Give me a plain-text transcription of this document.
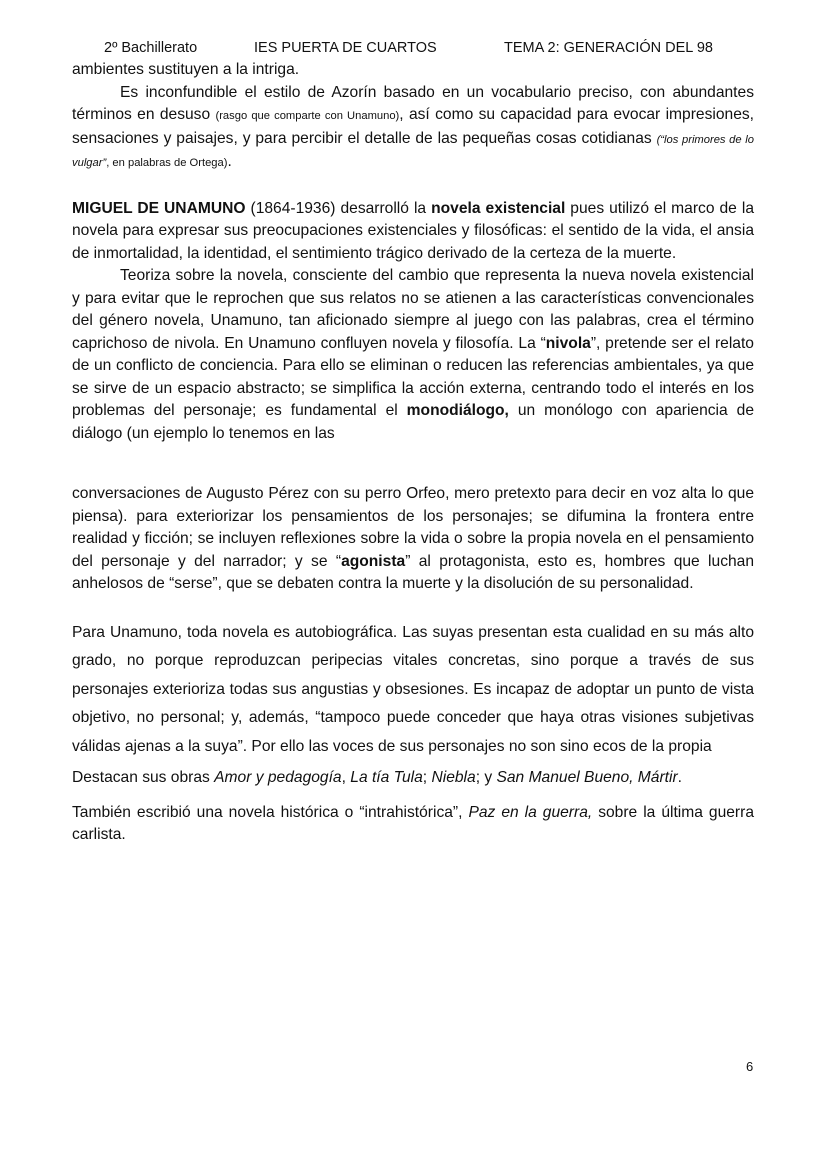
2º Bachillerato	IES PUERTA DE CUARTOS	TEMA 2: GENERACIÓN DEL 98

ambientes sustituyen a la intriga.

Es inconfundible el estilo de Azorín basado en un vocabulario preciso, con abundantes términos en desuso (rasgo que comparte con Unamuno), así como su capacidad para evocar impresiones, sensaciones y paisajes, y para percibir el detalle de las pequeñas cosas cotidianas (“los primores de lo vulgar”, en palabras de Ortega).

MIGUEL DE UNAMUNO (1864-1936) desarrolló la novela existencial pues utilizó el marco de la novela para expresar sus preocupaciones existenciales y filosóficas: el sentido de la vida, el ansia de inmortalidad, la identidad, el sentimiento trágico derivado de la certeza de la muerte.

Teoriza sobre la novela, consciente del cambio que representa la nueva novela existencial y para evitar que le reprochen que sus relatos no se atienen a las características convencionales del género novela, Unamuno, tan aficionado siempre al juego con las palabras, crea el término caprichoso de nivola. En Unamuno confluyen novela y filosofía. La “nivola”, pretende ser el relato de un conflicto de conciencia. Para ello se eliminan o reducen las referencias ambientales, ya que se sirve de un espacio abstracto; se simplifica la acción externa, centrando todo el interés en los problemas del personaje; es fundamental el monodiálogo, un monólogo con apariencia de diálogo (un ejemplo lo tenemos en las

conversaciones de Augusto Pérez con su perro Orfeo, mero pretexto para decir en voz alta lo que piensa). para exteriorizar los pensamientos de los personajes; se difumina la frontera entre realidad y ficción; se incluyen reflexiones sobre la vida o sobre la propia novela en el pensamiento del personaje y del narrador; y se “agonista” al protagonista, esto es, hombres que luchan anhelosos de “serse”, que se debaten contra la muerte y la disolución de su personalidad.

Para Unamuno, toda novela es autobiográfica. Las suyas presentan esta cualidad en su más alto grado, no porque reproduzcan peripecias vitales concretas, sino porque a través de sus personajes exterioriza todas sus angustias y obsesiones. Es incapaz de adoptar un punto de vista objetivo, no personal; y, además, “tampoco puede conceder que haya otras visiones subjetivas válidas ajenas a la suya”. Por ello las voces de sus personajes no son sino ecos de la propia

Destacan sus obras Amor y pedagogía, La tía Tula; Niebla; y San Manuel Bueno, Mártir.

También escribió una novela histórica o “intrahistórica”, Paz en la guerra, sobre la última guerra carlista.

6
